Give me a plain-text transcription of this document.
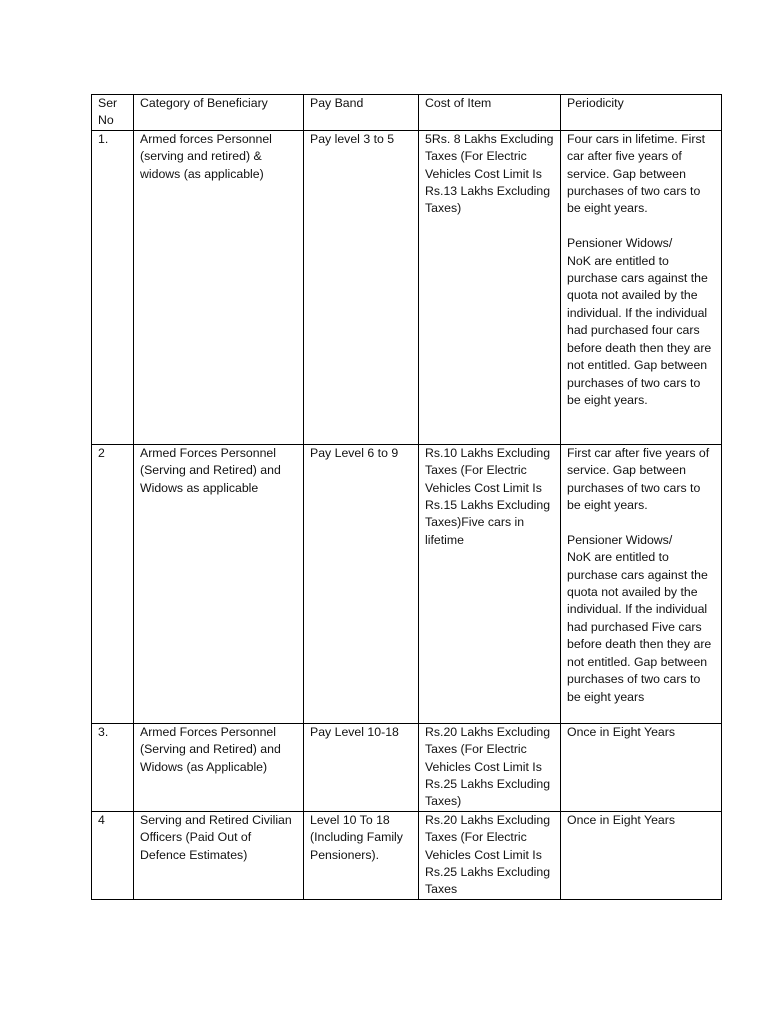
Ser No	Category of Beneficiary	Pay Band	Cost of Item	Periodicity
1.	Armed forces Personnel (serving and retired) & widows (as applicable)	Pay level 3 to 5	5Rs. 8 Lakhs Excluding Taxes (For Electric Vehicles Cost Limit Is Rs.13 Lakhs Excluding Taxes)	Four cars in lifetime. First car after five years of service. Gap between purchases of two cars to be eight years.

Pensioner Widows/
NoK are entitled to purchase cars against the quota not availed by the individual. If the individual had purchased four cars before death then they are not entitled. Gap between purchases of two cars to be eight years.
2	Armed Forces Personnel (Serving and Retired) and Widows as applicable	Pay Level 6 to 9	Rs.10 Lakhs Excluding Taxes (For Electric Vehicles Cost Limit Is Rs.15 Lakhs Excluding Taxes)Five cars in lifetime	First car after five years of service. Gap between purchases of two cars to be eight years.

Pensioner Widows/
NoK are entitled to purchase cars against the quota not availed by the individual. If the individual had purchased Five cars before death then they are not entitled. Gap between purchases of two cars to be eight years
3.	Armed Forces Personnel (Serving and Retired) and Widows (as Applicable)	Pay Level 10-18	Rs.20 Lakhs Excluding Taxes (For Electric Vehicles Cost Limit Is Rs.25 Lakhs Excluding Taxes)	Once in Eight Years
4	Serving and Retired Civilian Officers (Paid Out of Defence Estimates)	Level 10 To 18 (Including Family Pensioners).	Rs.20 Lakhs Excluding Taxes (For Electric Vehicles Cost Limit Is Rs.25 Lakhs Excluding Taxes	Once in Eight Years
